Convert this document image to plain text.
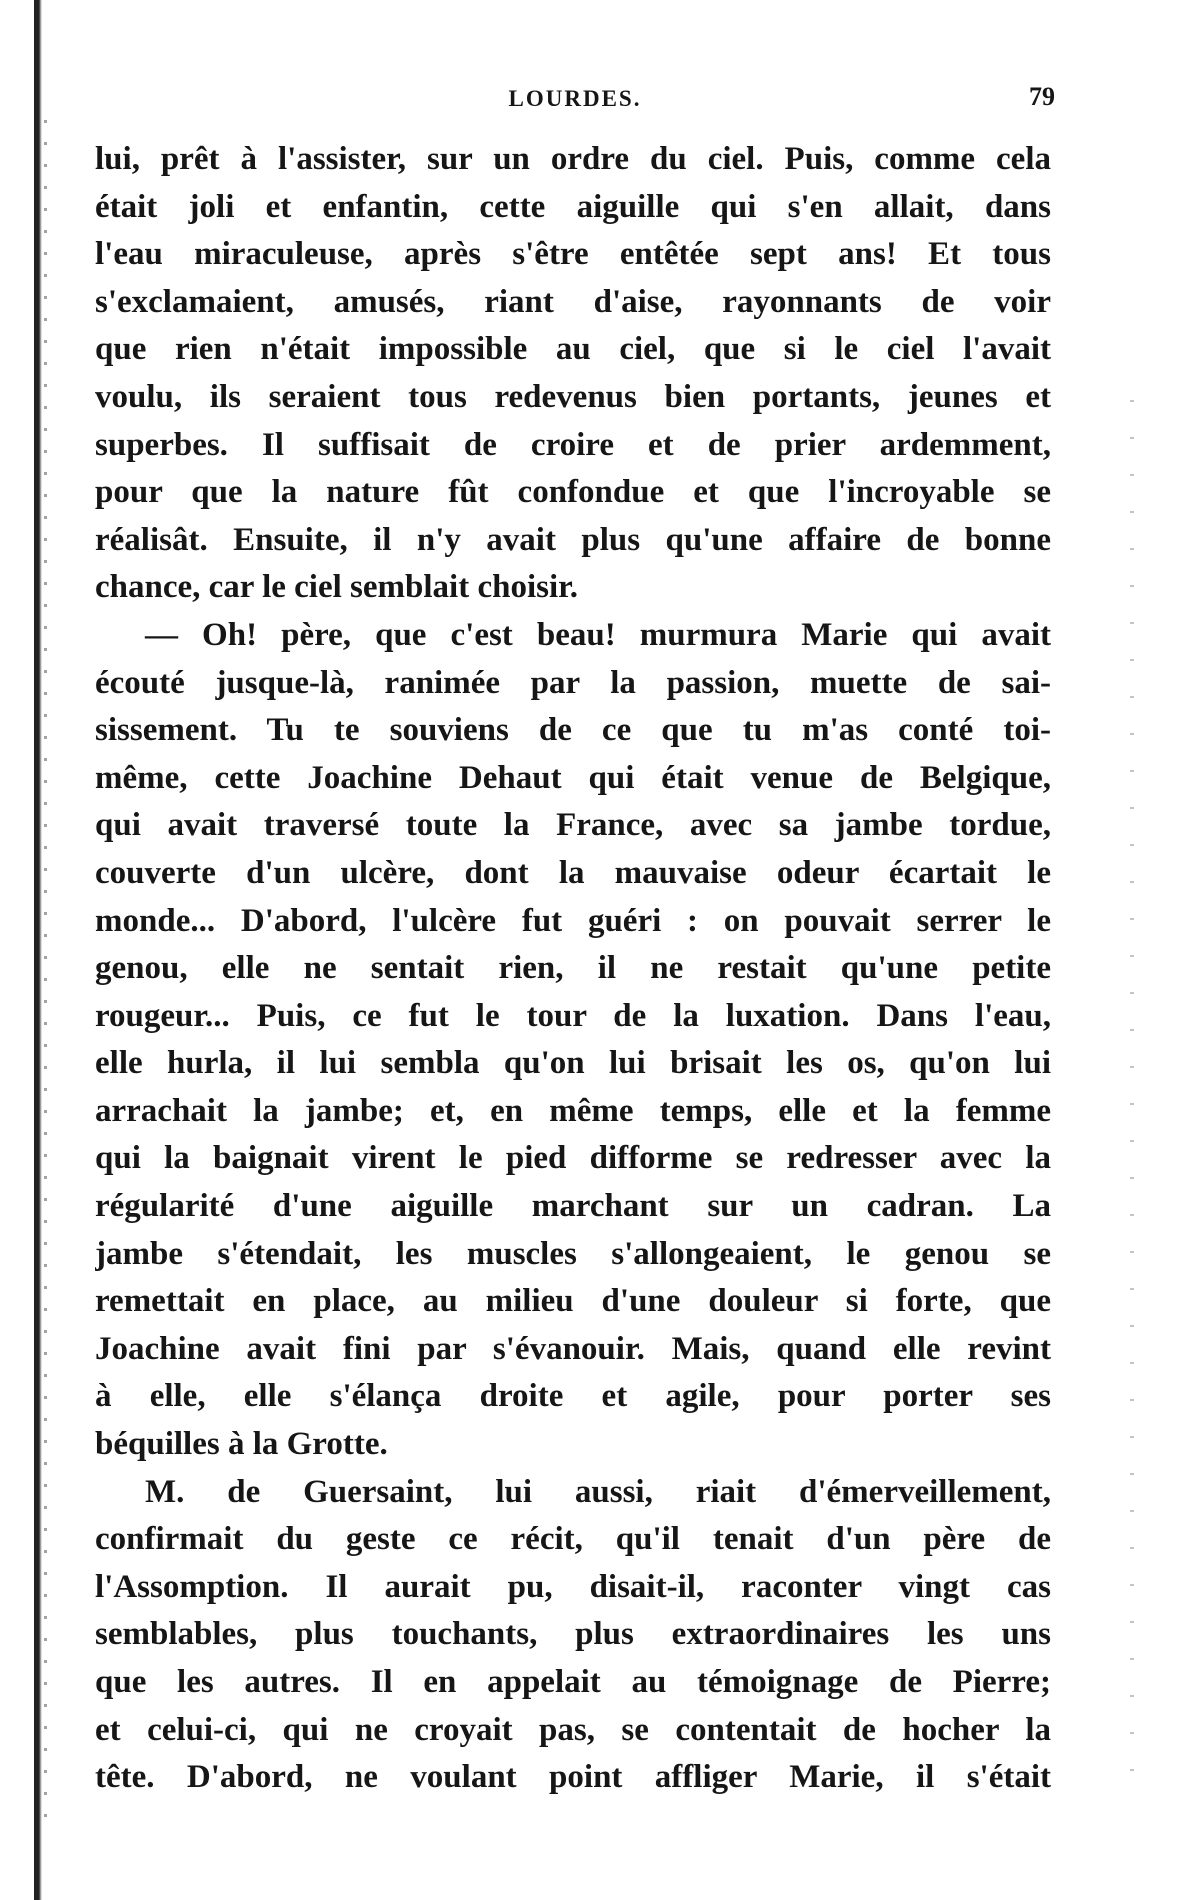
LOURDES.	79
lui, prêt à l'assister, sur un ordre du ciel. Puis, comme cela
était joli et enfantin, cette aiguille qui s'en allait, dans
l'eau miraculeuse, après s'être entêtée sept ans! Et tous
s'exclamaient, amusés, riant d'aise, rayonnants de voir
que rien n'était impossible au ciel, que si le ciel l'avait
voulu, ils seraient tous redevenus bien portants, jeunes et
superbes. Il suffisait de croire et de prier ardemment,
pour que la nature fût confondue et que l'incroyable se
réalisât. Ensuite, il n'y avait plus qu'une affaire de bonne
chance, car le ciel semblait choisir.
— Oh! père, que c'est beau! murmura Marie qui avait
écouté jusque-là, ranimée par la passion, muette de sai-
sissement. Tu te souviens de ce que tu m'as conté toi-
même, cette Joachine Dehaut qui était venue de Belgique,
qui avait traversé toute la France, avec sa jambe tordue,
couverte d'un ulcère, dont la mauvaise odeur écartait le
monde... D'abord, l'ulcère fut guéri : on pouvait serrer le
genou, elle ne sentait rien, il ne restait qu'une petite
rougeur... Puis, ce fut le tour de la luxation. Dans l'eau,
elle hurla, il lui sembla qu'on lui brisait les os, qu'on lui
arrachait la jambe; et, en même temps, elle et la femme
qui la baignait virent le pied difforme se redresser avec la
régularité d'une aiguille marchant sur un cadran. La
jambe s'étendait, les muscles s'allongeaient, le genou se
remettait en place, au milieu d'une douleur si forte, que
Joachine avait fini par s'évanouir. Mais, quand elle revint
à elle, elle s'élança droite et agile, pour porter ses
béquilles à la Grotte.
M. de Guersaint, lui aussi, riait d'émerveillement,
confirmait du geste ce récit, qu'il tenait d'un père de
l'Assomption. Il aurait pu, disait-il, raconter vingt cas
semblables, plus touchants, plus extraordinaires les uns
que les autres. Il en appelait au témoignage de Pierre;
et celui-ci, qui ne croyait pas, se contentait de hocher la
tête. D'abord, ne voulant point affliger Marie, il s'était
